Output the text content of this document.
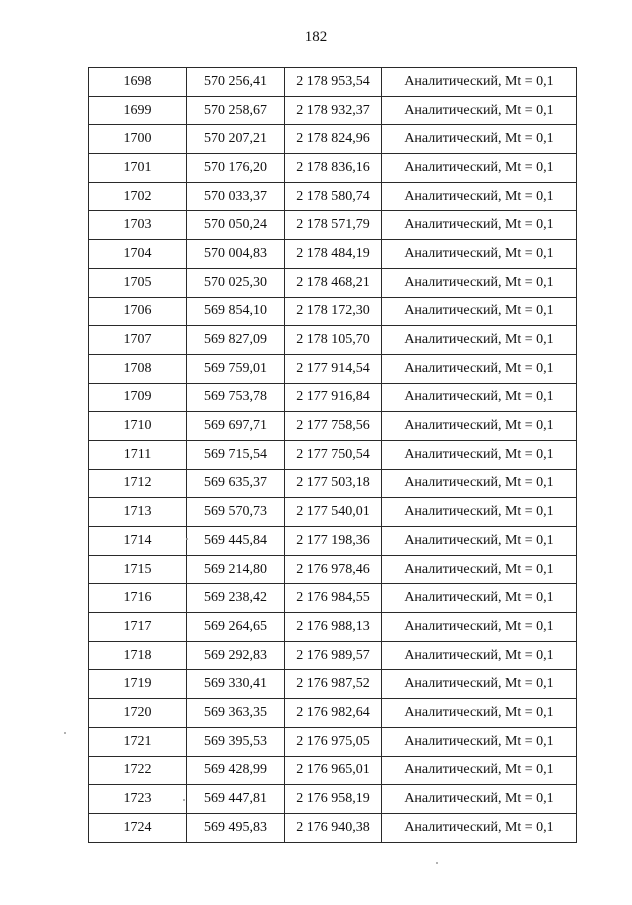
182
1698	570 256,41	2 178 953,54	Аналитический, Mt = 0,1
1699	570 258,67	2 178 932,37	Аналитический, Mt = 0,1
1700	570 207,21	2 178 824,96	Аналитический, Mt = 0,1
1701	570 176,20	2 178 836,16	Аналитический, Mt = 0,1
1702	570 033,37	2 178 580,74	Аналитический, Mt = 0,1
1703	570 050,24	2 178 571,79	Аналитический, Mt = 0,1
1704	570 004,83	2 178 484,19	Аналитический, Mt = 0,1
1705	570 025,30	2 178 468,21	Аналитический, Mt = 0,1
1706	569 854,10	2 178 172,30	Аналитический, Mt = 0,1
1707	569 827,09	2 178 105,70	Аналитический, Mt = 0,1
1708	569 759,01	2 177 914,54	Аналитический, Mt = 0,1
1709	569 753,78	2 177 916,84	Аналитический, Mt = 0,1
1710	569 697,71	2 177 758,56	Аналитический, Mt = 0,1
1711	569 715,54	2 177 750,54	Аналитический, Mt = 0,1
1712	569 635,37	2 177 503,18	Аналитический, Mt = 0,1
1713	569 570,73	2 177 540,01	Аналитический, Mt = 0,1
1714	569 445,84	2 177 198,36	Аналитический, Mt = 0,1
1715	569 214,80	2 176 978,46	Аналитический, Mt = 0,1
1716	569 238,42	2 176 984,55	Аналитический, Mt = 0,1
1717	569 264,65	2 176 988,13	Аналитический, Mt = 0,1
1718	569 292,83	2 176 989,57	Аналитический, Mt = 0,1
1719	569 330,41	2 176 987,52	Аналитический, Mt = 0,1
1720	569 363,35	2 176 982,64	Аналитический, Mt = 0,1
1721	569 395,53	2 176 975,05	Аналитический, Mt = 0,1
1722	569 428,99	2 176 965,01	Аналитический, Mt = 0,1
1723	569 447,81	2 176 958,19	Аналитический, Mt = 0,1
1724	569 495,83	2 176 940,38	Аналитический, Mt = 0,1
